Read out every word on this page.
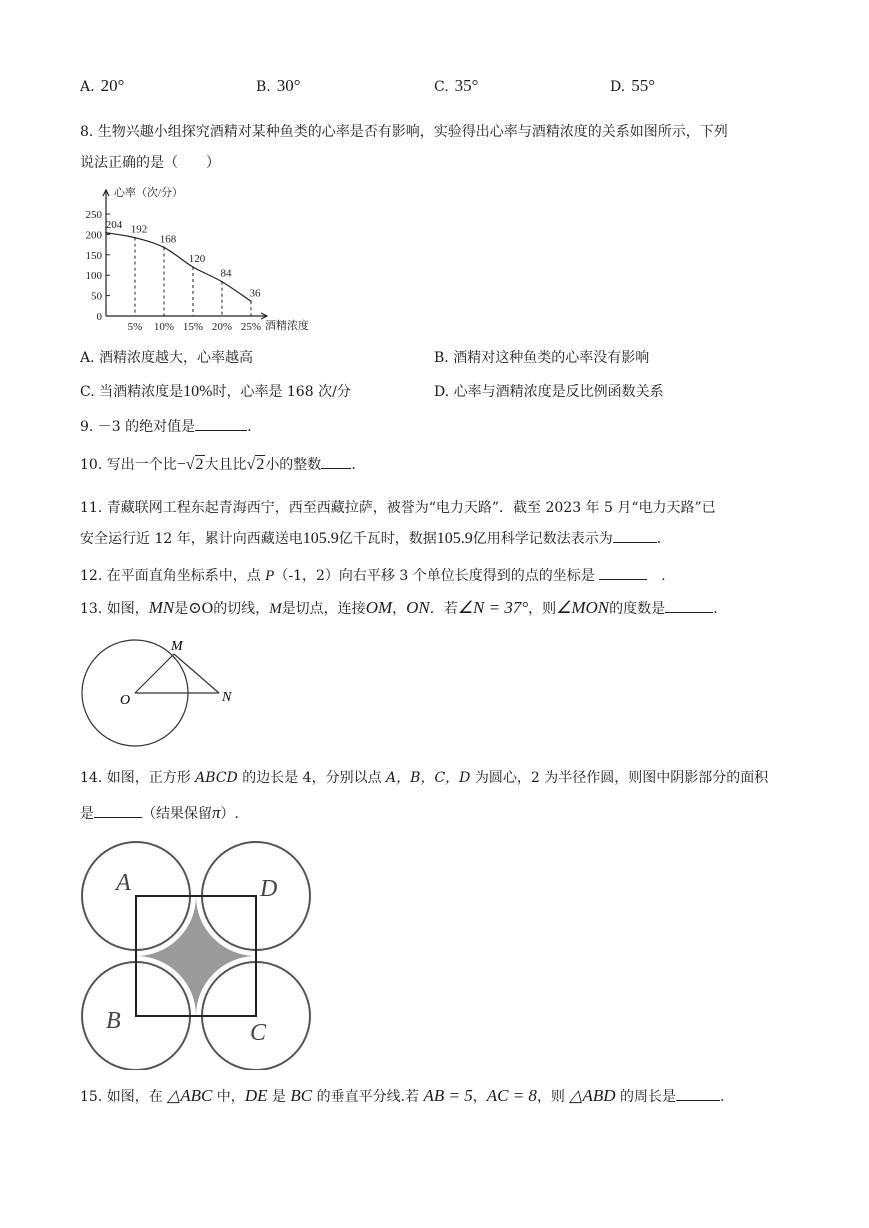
A. 20°	B. 30°	C. 35°	D. 55°
8. 生物兴趣小组探究酒精对某种鱼类的心率是否有影响，实验得出心率与酒精浓度的关系如图所示，下列
说法正确的是（　　）
0
50
100
150
200
250
5% 10% 15% 20% 25%
心率（次/分）
酒精浓度
204 192
168
120
84
36
A. 酒精浓度越大，心率越高	B. 酒精对这种鱼类的心率没有影响
C. 当酒精浓度是10%时，心率是 168 次/分	D. 心率与酒精浓度是反比例函数关系
9. －3 的绝对值是	.
10. 写出一个比−√2大且比√2小的整数 .
11. 青藏联网工程东起青海西宁，西至西藏拉萨，被誉为“电力天路”．截至 2023 年 5 月“电力天路”已
安全运行近 12 年，累计向西藏送电105.9亿千瓦时，数据105.9亿用科学记数法表示为	.
12. 在平面直角坐标系中，点 P（-1，2）向右平移 3 个单位长度得到的点的坐标是	　.
13. 如图，MN是⊙O的切线，M是切点，连接OM，ON．若∠N = 37°，则∠MON的度数是	.
M
O	N
14. 如图，正方形 ABCD 的边长是 4，分别以点 A，B，C，D 为圆心，2 为半径作圆，则图中阴影部分的面积
是	（结果保留π）.
A	D
B	C
15. 如图，在 △ABC 中，DE 是 BC 的垂直平分线.若 AB = 5，AC = 8，则 △ABD 的周长是	.
